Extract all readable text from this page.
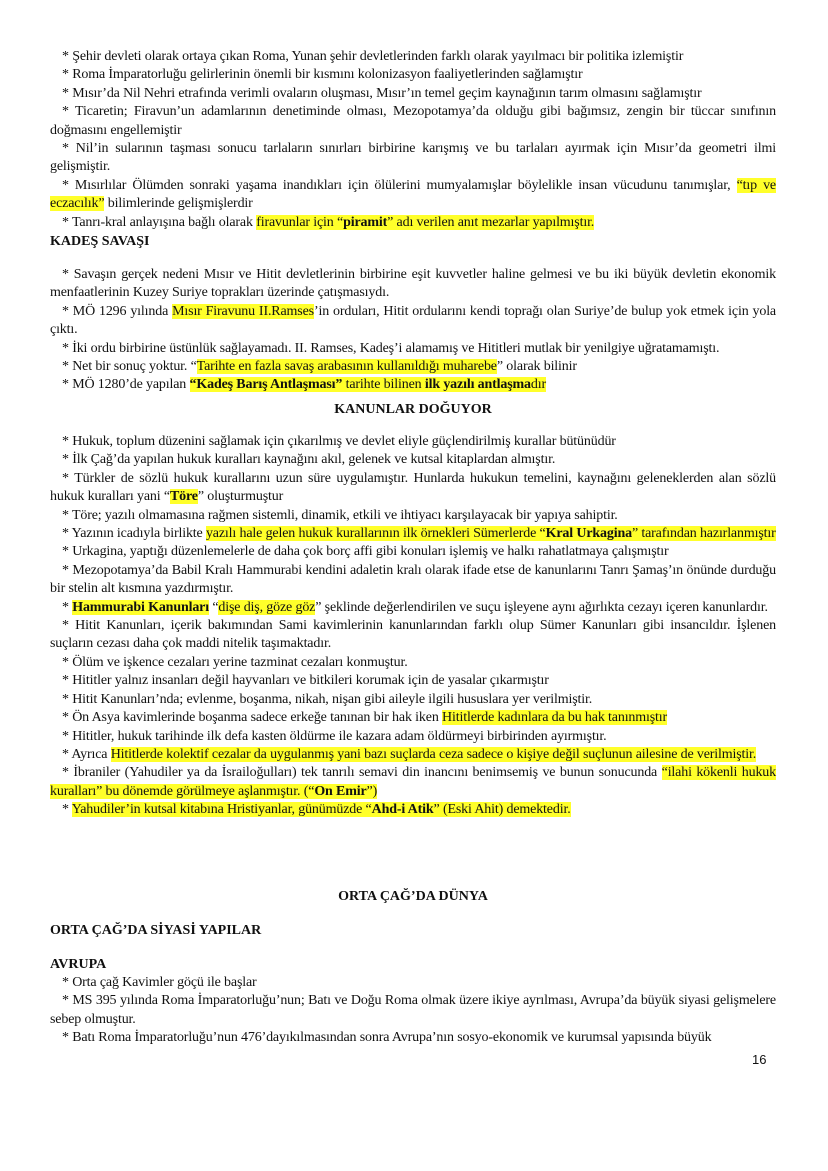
* Şehir devleti olarak ortaya çıkan Roma, Yunan şehir devletlerinden farklı olarak yayılmacı bir politika izlemiştir

* Roma İmparatorluğu gelirlerinin önemli bir kısmını kolonizasyon faaliyetlerinden sağlamıştır

* Mısır’da Nil Nehri etrafında verimli ovaların oluşması, Mısır’ın temel geçim kaynağının tarım olmasını sağlamıştır

* Ticaretin; Firavun’un adamlarının denetiminde olması, Mezopotamya’da olduğu gibi bağımsız, zengin bir tüccar sınıfının doğmasını engellemiştir

* Nil’in sularının taşması sonucu tarlaların sınırları birbirine karışmış ve bu tarlaları ayırmak için Mısır’da geometri ilmi gelişmiştir.

* Mısırlılar Ölümden sonraki yaşama inandıkları için ölülerini mumyalamışlar böylelikle insan vücudunu tanımışlar, “tıp ve eczacılık” bilimlerinde gelişmişlerdir

* Tanrı-kral anlayışına bağlı olarak firavunlar için “piramit” adı verilen anıt mezarlar yapılmıştır.

KADEŞ SAVAŞI

* Savaşın gerçek nedeni Mısır ve Hitit devletlerinin birbirine eşit kuvvetler haline gelmesi ve bu iki büyük devletin ekonomik menfaatlerinin Kuzey Suriye toprakları üzerinde çatışmasıydı.

* MÖ 1296 yılında Mısır Firavunu II.Ramses’in orduları, Hitit ordularını kendi toprağı olan Suriye’de bulup yok etmek için yola çıktı.

* İki ordu birbirine üstünlük sağlayamadı. II. Ramses, Kadeş’i alamamış ve Hititleri mutlak bir yenilgiye uğratamamıştı.

* Net bir sonuç yoktur. “Tarihte en fazla savaş arabasının kullanıldığı muharebe” olarak bilinir

* MÖ 1280’de yapılan “Kadeş Barış Antlaşması” tarihte bilinen ilk yazılı antlaşmadır

KANUNLAR DOĞUYOR

* Hukuk, toplum düzenini sağlamak için çıkarılmış ve devlet eliyle güçlendirilmiş kurallar bütünüdür

* İlk Çağ’da yapılan hukuk kuralları kaynağını akıl, gelenek ve kutsal kitaplardan almıştır.

* Türkler de sözlü hukuk kurallarını uzun süre uygulamıştır. Hunlarda hukukun temelini, kaynağını geleneklerden alan sözlü hukuk kuralları yani “Töre” oluşturmuştur

* Töre; yazılı olmamasına rağmen sistemli, dinamik, etkili ve ihtiyacı karşılayacak bir yapıya sahiptir.

* Yazının icadıyla birlikte yazılı hale gelen hukuk kurallarının ilk örnekleri Sümerlerde “Kral Urkagina” tarafından hazırlanmıştır

* Urkagina, yaptığı düzenlemelerle de daha çok borç affi gibi konuları işlemiş ve halkı rahatlatmaya çalışmıştır

* Mezopotamya’da Babil Kralı Hammurabi kendini adaletin kralı olarak ifade etse de kanunlarını Tanrı Şamaş’ın önünde durduğu bir stelin alt kısmına yazdırmıştır.

* Hammurabi Kanunları “dişe diş, göze göz” şeklinde değerlendirilen ve suçu işleyene aynı ağırlıkta cezayı içeren kanunlardır.

* Hitit Kanunları, içerik bakımından Sami kavimlerinin kanunlarından farklı olup Sümer Kanunları gibi insancıldır. İşlenen suçların cezası daha çok maddi nitelik taşımaktadır.

* Ölüm ve işkence cezaları yerine tazminat cezaları konmuştur.

* Hititler yalnız insanları değil hayvanları ve bitkileri korumak için de yasalar çıkarmıştır

* Hitit Kanunları’nda; evlenme, boşanma, nikah, nişan gibi aileyle ilgili hususlara yer verilmiştir.

* Ön Asya kavimlerinde boşanma sadece erkeğe tanınan bir hak iken Hititlerde kadınlara da bu hak tanınmıştır

* Hititler, hukuk tarihinde ilk defa kasten öldürme ile kazara adam öldürmeyi birbirinden ayırmıştır.

* Ayrıca Hititlerde kolektif cezalar da uygulanmış yani bazı suçlarda ceza sadece o kişiye değil suçlunun ailesine de verilmiştir.

* İbraniler (Yahudiler ya da İsrailoğulları) tek tanrılı semavi din inancını benimsemiş ve bunun sonucunda “ilahi kökenli hukuk kuralları” bu dönemde görülmeye aşlanmıştır. (“On Emir”)

* Yahudiler’in kutsal kitabına Hristiyanlar, günümüzde “Ahd-i Atik” (Eski Ahit) demektedir.

ORTA ÇAĞ’DA DÜNYA
ORTA ÇAĞ’DA SİYASİ YAPILAR
AVRUPA

* Orta çağ Kavimler göçü ile başlar

* MS 395 yılında Roma İmparatorluğu’nun; Batı ve Doğu Roma olmak üzere ikiye ayrılması, Avrupa’da büyük siyasi gelişmelere sebep olmuştur.

* Batı Roma İmparatorluğu’nun 476’dayıkılmasından sonra Avrupa’nın sosyo-ekonomik ve kurumsal yapısında büyük

16
